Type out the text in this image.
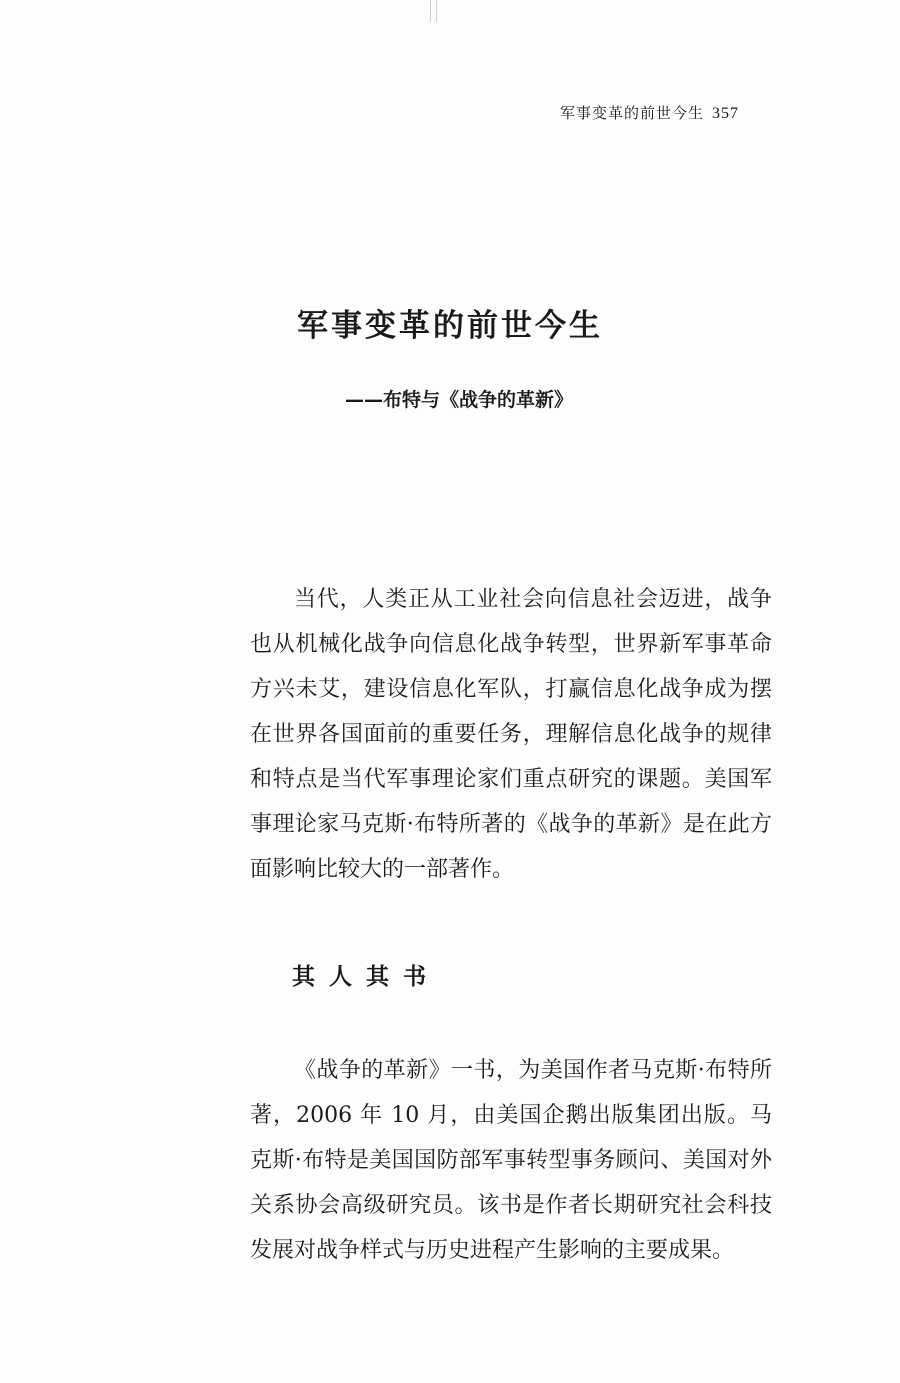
军事变革的前世今生 357
军事变革的前世今生
——布特与《战争的革新》

当代，人类正从工业社会向信息社会迈进，战争也从机械化战争向信息化战争转型，世界新军事革命方兴未艾，建设信息化军队，打赢信息化战争成为摆在世界各国面前的重要任务，理解信息化战争的规律和特点是当代军事理论家们重点研究的课题。美国军事理论家马克斯·布特所著的《战争的革新》是在此方面影响比较大的一部著作。

其人其书

《战争的革新》一书，为美国作者马克斯·布特所著，2006 年 10 月，由美国企鹅出版集团出版。马克斯·布特是美国国防部军事转型事务顾问、美国对外关系协会高级研究员。该书是作者长期研究社会科技发展对战争样式与历史进程产生影响的主要成果。
